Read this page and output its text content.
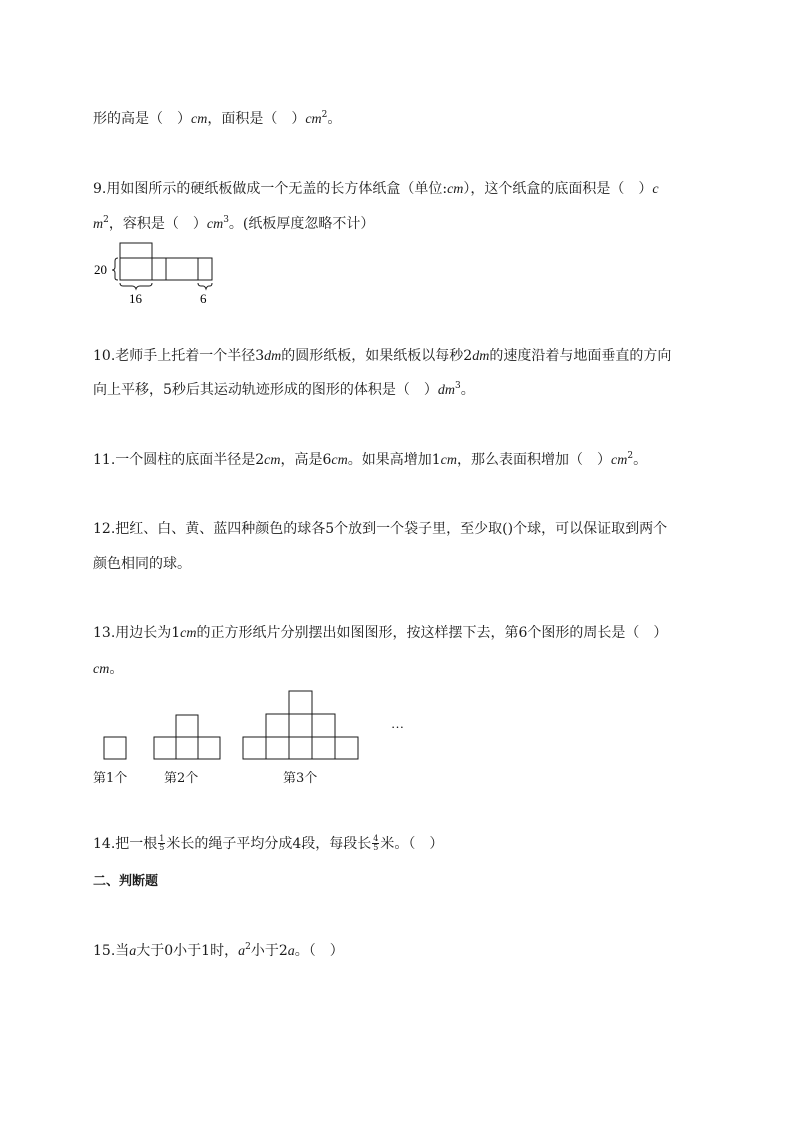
形的高是（　）cm，面积是（　）$cm^2$。
9.用如图所示的硬纸板做成一个无盖的长方体纸盒（单位:cm），这个纸盒的底面积是（　）c
$m^2$，容积是（　）$cm^3$。(纸板厚度忽略不计）
20
16	6
10.老师手上托着一个半径3dm的圆形纸板，如果纸板以每秒2dm的速度沿着与地面垂直的方向
向上平移，5秒后其运动轨迹形成的图形的体积是（　）$dm^3$。
11.一个圆柱的底面半径是2cm，高是6cm。如果高增加1cm，那么表面积增加（　）$cm^2$。
12.把红、白、黄、蓝四种颜色的球各5个放到一个袋子里，至少取()个球，可以保证取到两个
颜色相同的球。
13.用边长为1cm的正方形纸片分别摆出如图图形，按这样摆下去，第6个图形的周长是（　）
cm。
…
第1个	第2个	第3个
14.把一根 $\frac{1}{5}$ 米长的绳子平均分成4段，每段长 $\frac{4}{5}$ 米。（　）
二、判断题
15.当a大于0小于1时，$a^2$小于2a。（　）
